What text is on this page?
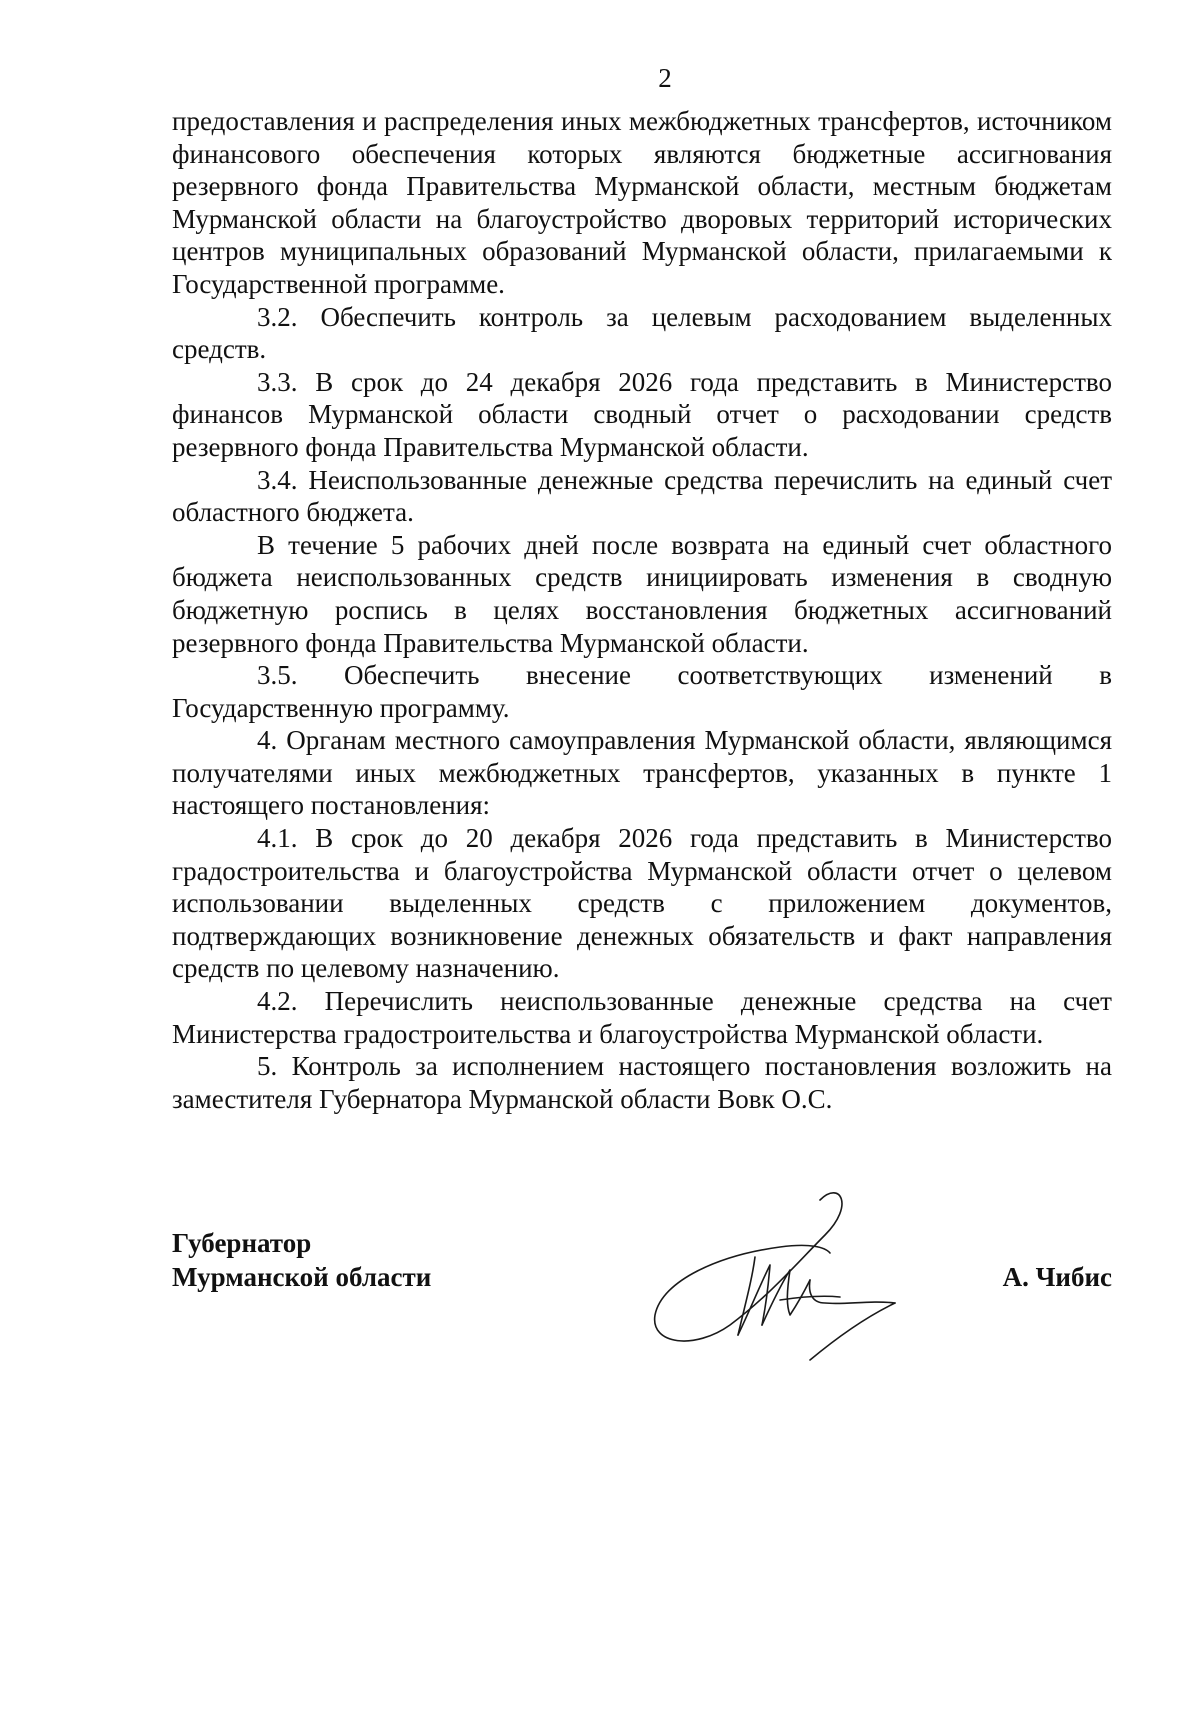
2

предоставления и распределения иных межбюджетных трансфертов, источником финансового обеспечения которых являются бюджетные ассигнования резервного фонда Правительства Мурманской области, местным бюджетам Мурманской области на благоустройство дворовых территорий исторических центров муниципальных образований Мурманской области, прилагаемыми к Государственной программе.

3.2. Обеспечить контроль за целевым расходованием выделенных средств.

3.3. В срок до 24 декабря 2026 года представить в Министерство финансов Мурманской области сводный отчет о расходовании средств резервного фонда Правительства Мурманской области.

3.4. Неиспользованные денежные средства перечислить на единый счет областного бюджета.

В течение 5 рабочих дней после возврата на единый счет областного бюджета неиспользованных средств инициировать изменения в сводную бюджетную роспись в целях восстановления бюджетных ассигнований резервного фонда Правительства Мурманской области.

3.5. Обеспечить внесение соответствующих изменений в Государственную программу.

4. Органам местного самоуправления Мурманской области, являющимся получателями иных межбюджетных трансфертов, указанных в пункте 1 настоящего постановления:

4.1. В срок до 20 декабря 2026 года представить в Министерство градостроительства и благоустройства Мурманской области отчет о целевом использовании выделенных средств с приложением документов, подтверждающих возникновение денежных обязательств и факт направления средств по целевому назначению.

4.2. Перечислить неиспользованные денежные средства на счет Министерства градостроительства и благоустройства Мурманской области.

5. Контроль за исполнением настоящего постановления возложить на заместителя Губернатора Мурманской области Вовк О.С.

Губернатор
Мурманской области	А. Чибис
